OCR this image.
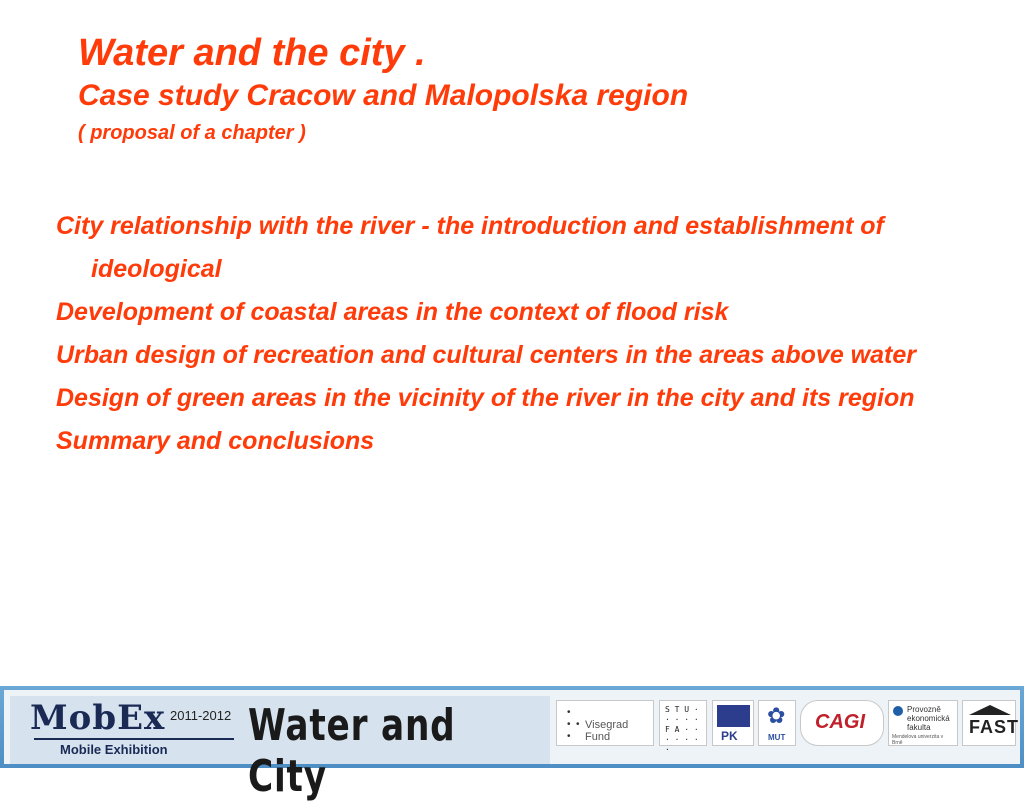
Water and the city .
Case study Cracow and Malopolska region
( proposal of a chapter )
City relationship with the river - the introduction and establishment of ideological
Development of coastal areas in the context of flood risk
Urban design of recreation and cultural centers in the areas above water
Design of green areas in the vicinity of the river in the city and its region
Summary and conclusions
MobEx 2011-2012
Mobile Exhibition Water and City
•
•  •
•
Visegrad Fund
S T U · · · · · F A · · · · · · ·
PK
✿
MUT
CAGI
Provozně ekonomická fakulta
Mendelova univerzita v Brně
FAST
